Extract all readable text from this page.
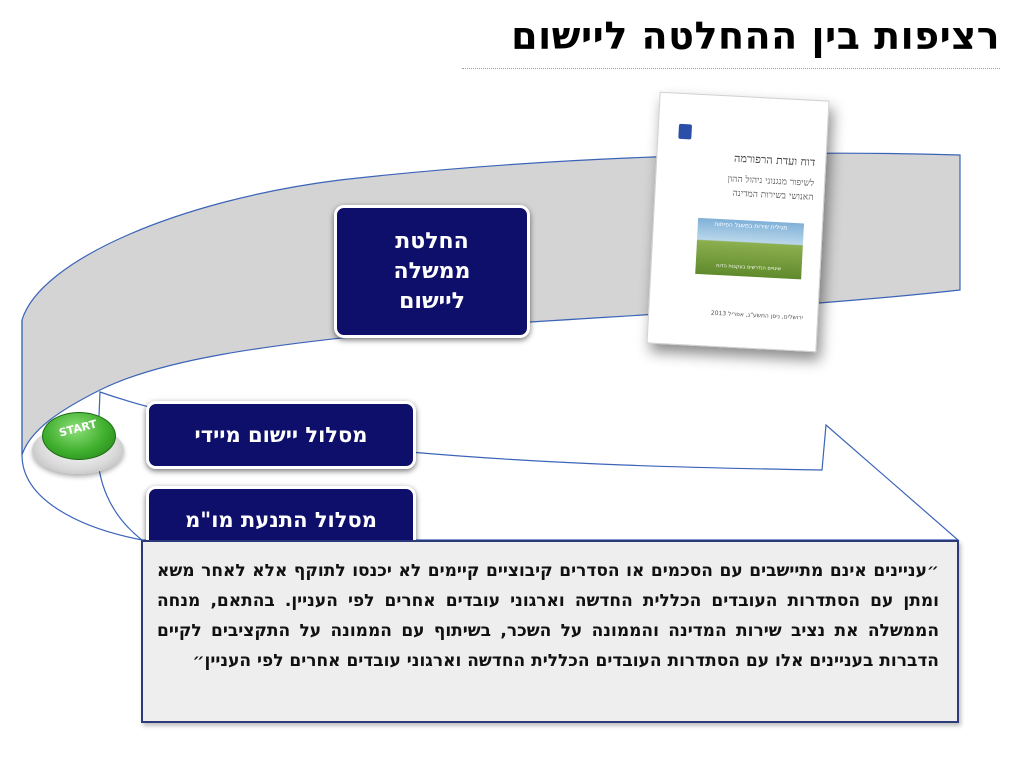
רציפות בין ההחלטה ליישום
החלטת
ממשלה
ליישום
מסלול יישום מיידי
מסלול התנעת מו"מ
דוח ועדת הרפורמה
לשיפור מנגנוני ניהול ההון
האנושי בשירות המדינה
מגילית שירות במשגל הפיתוח
שינויים הנדרשים בעקבות הדוח
ירושלים, ניסן התשע"ג, אפריל 2013
START
״עניינים אינם מתיישבים עם הסכמים או הסדרים קיבוציים קיימים לא יכנסו לתוקף אלא לאחר משא ומתן עם הסתדרות העובדים הכללית החדשה וארגוני עובדים אחרים לפי העניין. בהתאם, מנחה הממשלה את נציב שירות המדינה והממונה על השכר, בשיתוף עם הממונה על התקציבים לקיים הדברות בעניינים אלו עם הסתדרות העובדים הכללית החדשה וארגוני עובדים אחרים לפי העניין״
